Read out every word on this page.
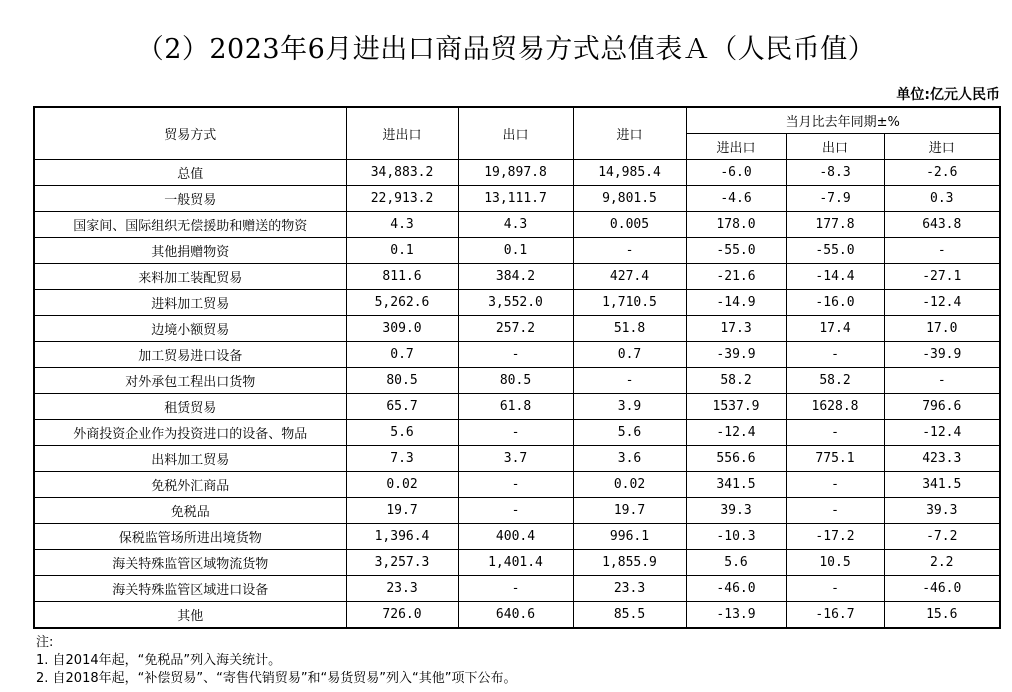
（2）2023年6月进出口商品贸易方式总值表Ａ（人民币值）
单位:亿元人民币
贸易方式	进出口	出口	进口	当月比去年同期±%		
				进出口	出口	进口
总值	34,883.2	19,897.8	14,985.4	-6.0	-8.3	-2.6
一般贸易	22,913.2	13,111.7	9,801.5	-4.6	-7.9	0.3
国家间、国际组织无偿援助和赠送的物资	4.3	4.3	0.005	178.0	177.8	643.8
其他捐赠物资	0.1	0.1	-	-55.0	-55.0	-
来料加工装配贸易	811.6	384.2	427.4	-21.6	-14.4	-27.1
进料加工贸易	5,262.6	3,552.0	1,710.5	-14.9	-16.0	-12.4
边境小额贸易	309.0	257.2	51.8	17.3	17.4	17.0
加工贸易进口设备	0.7	-	0.7	-39.9	-	-39.9
对外承包工程出口货物	80.5	80.5	-	58.2	58.2	-
租赁贸易	65.7	61.8	3.9	1537.9	1628.8	796.6
外商投资企业作为投资进口的设备、物品	5.6	-	5.6	-12.4	-	-12.4
出料加工贸易	7.3	3.7	3.6	556.6	775.1	423.3
免税外汇商品	0.02	-	0.02	341.5	-	341.5
免税品	19.7	-	19.7	39.3	-	39.3
保税监管场所进出境货物	1,396.4	400.4	996.1	-10.3	-17.2	-7.2
海关特殊监管区域物流货物	3,257.3	1,401.4	1,855.9	5.6	10.5	2.2
海关特殊监管区域进口设备	23.3	-	23.3	-46.0	-	-46.0
其他	726.0	640.6	85.5	-13.9	-16.7	15.6
注:
1. 自2014年起，“免税品”列入海关统计。
2. 自2018年起，“补偿贸易”、“寄售代销贸易”和“易货贸易”列入“其他”项下公布。
